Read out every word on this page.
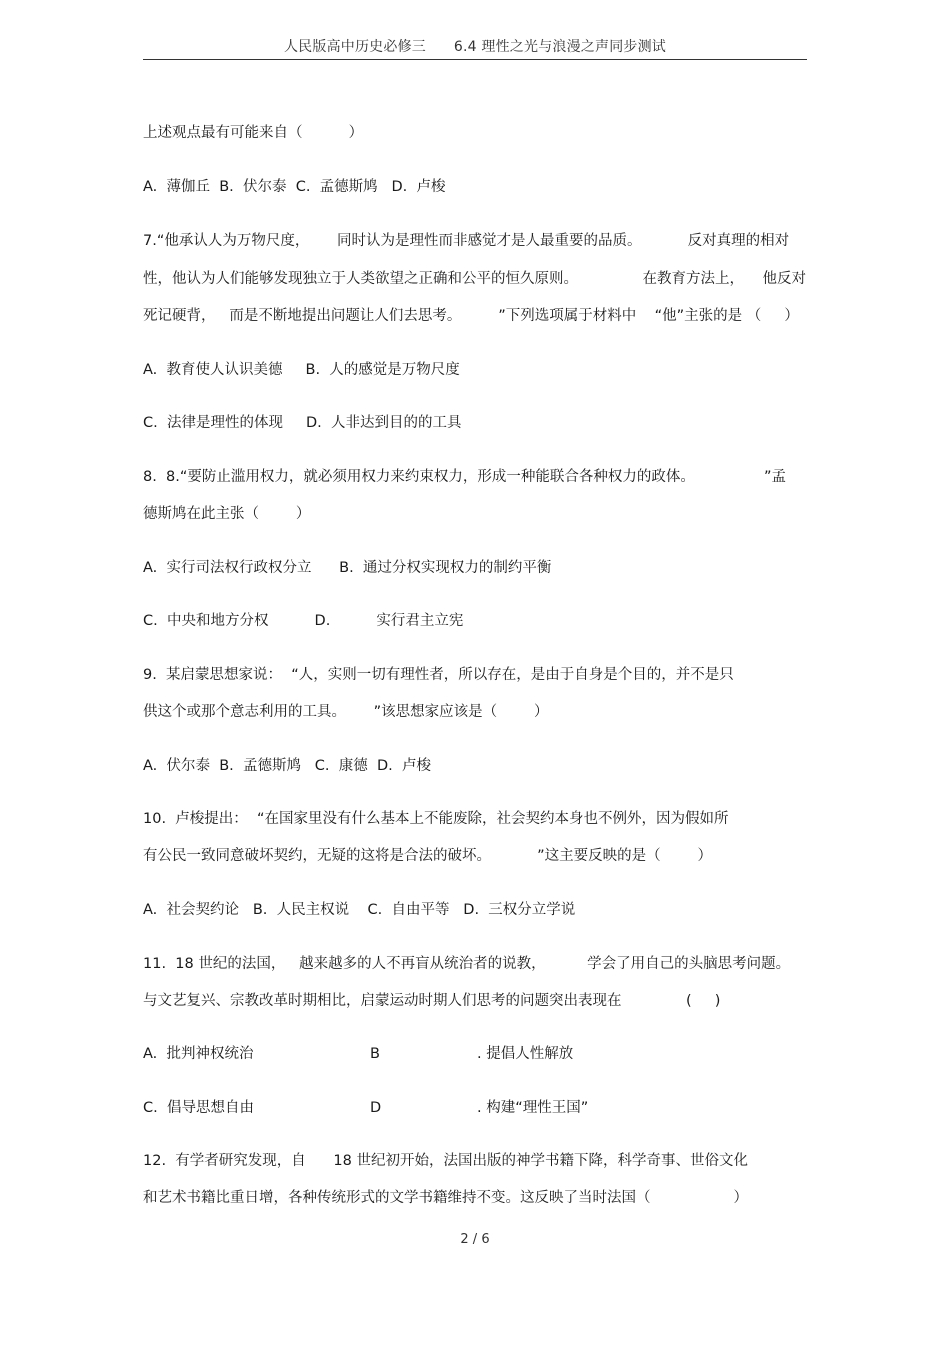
人民版高中历史必修三      6.4 理性之光与浪漫之声同步测试
上述观点最有可能来自（          ）
A.  薄伽丘  B.  伏尔泰  C.  孟德斯鸠   D.  卢梭
7.“他承认人为万物尺度，      同时认为是理性而非感觉才是人最重要的品质。          反对真理的相对
性，他认为人们能够发现独立于人类欲望之正确和公平的恒久原则。              在教育方法上，    他反对
死记硬背，   而是不断地提出问题让人们去思考。        ”下列选项属于材料中    “他”主张的是 （     ）
A.  教育使人认识美德     B.  人的感觉是万物尺度
C.  法律是理性的体现     D.  人非达到目的的工具
8.  8.“要防止滥用权力，就必须用权力来约束权力，形成一种能联合各种权力的政体。               ”孟
德斯鸠在此主张（        ）
A.  实行司法权行政权分立      B.  通过分权实现权力的制约平衡
C.  中央和地方分权          D.          实行君主立宪
9.  某启蒙思想家说：  “人，实则一切有理性者，所以存在，是由于自身是个目的，并不是只
供这个或那个意志利用的工具。      ”该思想家应该是（        ）
A.  伏尔泰  B.  孟德斯鸠   C.  康德  D.  卢梭
10.  卢梭提出：  “在国家里没有什么基本上不能废除，社会契约本身也不例外，因为假如所
有公民一致同意破坏契约，无疑的这将是合法的破坏。          ”这主要反映的是（        ）
A.  社会契约论   B.  人民主权说    C.  自由平等   D.  三权分立学说
11.  18 世纪的法国，   越来越多的人不再盲从统治者的说教，         学会了用自己的头脑思考问题。
与文艺复兴、宗教改革时期相比，启蒙运动时期人们思考的问题突出表现在              (     )
A.  批判神权统治	B	. 提倡人性解放
C.  倡导思想自由	D	. 构建“理性王国”
12.  有学者研究发现，自      18 世纪初开始，法国出版的神学书籍下降，科学奇事、世俗文化
和艺术书籍比重日增，各种传统形式的文学书籍维持不变。这反映了当时法国（                  ）
2 / 6
